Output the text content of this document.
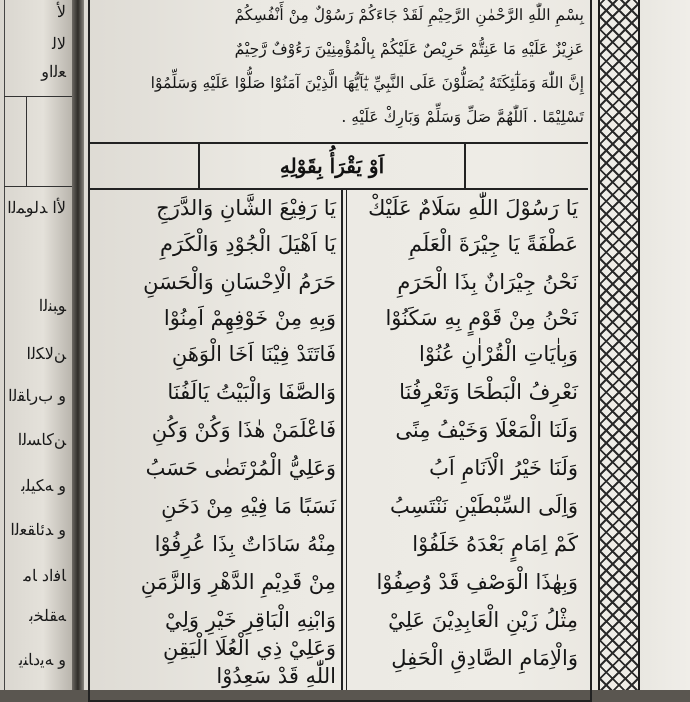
ﻷ
ﻻﻟ
ﻌﻟﺍﻭ
ﻷﺍ ﺪﻟﻮﻤﻟﺍ
ﻮﺒﻨﻟﺍ
ﻦﻟﺎﻜﻟﺍ
ﻭ ﺏﺭﺎﻘﻟﺍ
ﻦﻛﺎﺴﻟﺍ
ﻭ ﻪﻜﻴﻠﺑ
ﻭ ﺪﺋﺎﻘﻌﻟﺍ
ﺎﻓﺍﺩ ﺎﻣ
ﻪﻘﻠﺨﺑ
ﻭ ﻪﻳﺩﺎﻨﻳ
ﺑِﺴْﻢِ ﺍﻟﻠّٰﻪِ ﺍﻟﺮَّﺣْﻤٰﻦِ ﺍﻟﺮَّﺣِﻴْﻢِ ﻟَﻘَﺪْ ﺟَﺎﺀَﻛُﻢْ ﺭَﺳُﻮْﻝٌ ﻣِﻦْ ﺃَﻧْﻔُﺴِﻜُﻢْ
ﻋَﺰِﻳْﺰٌ ﻋَﻠَﻴْﻪِ ﻣَﺎ ﻋَﻨِﺘُّﻢْ ﺣَﺮِﻳْﺺٌ ﻋَﻠَﻴْﻜُﻢْ ﺑِﺎﻟْﻤُﺆْﻣِﻨِﻴْﻦَ ﺭَﺀُﻭْﻑٌ ﺭَّﺣِﻴْﻢٌ
ﺇِﻥَّ ﺍﻟﻠّٰﻪَ ﻭَﻣَﻠٰٓﺌِﻜَﺘَﻪُ ﻳُﺼَﻠُّﻮْﻥَ ﻋَﻠَﻰ ﺍﻟﻨَّﺒِﻲِّ ﻳٰٓﺎَﻳُّﻬَﺎ ﺍﻟَّﺬِﻳْﻦَ ﺁﻣَﻨُﻮْﺍ ﺻَﻠُّﻮْﺍ ﻋَﻠَﻴْﻪِ ﻭَﺳَﻠِّﻤُﻮْﺍ
ﺗَﺴْﻠِﻴْﻤًﺎ . ﺍَﻟﻠّٰﻬُﻢَّ ﺻَﻞِّ ﻭَﺳَﻠِّﻢْ ﻭَﺑَﺎﺭِﻙْ ﻋَﻠَﻴْﻪِ .
ﺍَﻭْ ﻳَﻘْﺮَﺃُ ﺑِﻘَﻮْﻟِﻪِ
ﻳَﺎ ﺭَﺳُﻮْﻝَ ﺍﻟﻠّٰﻪِ ﺳَﻠَﺎﻡٌ ﻋَﻠَﻴْﻚْ
ﻋَﻄْﻔَﺔً ﻳَﺎ ﺟِﻴْﺮَﺓَ ﺍﻟْﻌَﻠَﻢِ
ﻧَﺤْﻦُ ﺟِﻴْﺮَﺍﻥٌ ﺑِﺬَﺍ ﺍﻟْﺤَﺮَﻡِ
ﻧَﺤْﻦُ ﻣِﻦْ ﻗَﻮْﻡٍ ﺑِﻪِ ﺳَﻜَﻨُﻮْﺍ
ﻭَﺑِﺎٰﻳَﺎﺕِ ﺍﻟْﻘُﺮْﺍٰﻥِ ﻋُﻨُﻮْﺍ
ﻧَﻌْﺮِﻑُ ﺍﻟْﺒَﻄْﺤَﺎ ﻭَﺗَﻌْﺮِﻓُﻨَﺎ
ﻭَﻟَﻨَﺎ ﺍﻟْﻤَﻌْﻠَﺎ ﻭَﺧَﻴْﻒُ ﻣِﻨًﻰ
ﻭَﻟَﻨَﺎ ﺧَﻴْﺮُ ﺍﻟْﺎَﻧَﺎﻡِ ﺍَﺏُ
ﻭَﺍِﻟَﻰ ﺍﻟﺴِّﺒْﻄَﻴْﻦِ ﻧَﻨْﺘَﺴِﺐُ
ﻛَﻢْ ﺍِﻣَﺎﻡٍ ﺑَﻌْﺪَﻩُ ﺧَﻠَﻔُﻮْﺍ
ﻭَﺑِﻬٰﺬَﺍ ﺍﻟْﻮَﺻْﻒِ ﻗَﺪْ ﻭُﺻِﻔُﻮْﺍ
ﻣِﺜْﻞُ ﺯَﻳْﻦِ ﺍﻟْﻌَﺎﺑِﺪِﻳْﻦَ ﻋَﻠِﻲْ
ﻭَﺍﻟْﺎِﻣَﺎﻡِ ﺍﻟﺼَّﺎﺩِﻕِ ﺍﻟْﺤَﻔِﻞِ
ﻳَﺎ ﺭَﻓِﻴْﻊَ ﺍﻟﺸَّﺎﻥِ ﻭَﺍﻟﺪَّﺭَﺝِ
ﻳَﺎ ﺍَﻫْﻴَﻞَ ﺍﻟْﺠُﻮْﺩِ ﻭَﺍﻟْﻜَﺮَﻡِ
ﺣَﺮَﻡُ ﺍﻟْﺎِﺣْﺴَﺎﻥِ ﻭَﺍﻟْﺤَﺴَﻦِ
ﻭَﺑِﻪِ ﻣِﻦْ ﺧَﻮْﻓِﻬِﻢْ ﺍَﻣِﻨُﻮْﺍ
ﻓَﺎﺗَﺘَﺪْ ﻓِﻴْﻨَﺎ ﺍَﺧَﺎ ﺍﻟْﻮَﻫَﻦِ
ﻭَﺍﻟﺼَّﻔَﺎ ﻭَﺍﻟْﺒَﻴْﺖُ ﻳَﺎﻟَﻔُﻨَﺎ
ﻓَﺎﻋْﻠَﻤَﻦْ ﻫٰﺬَﺍ ﻭَﻛُﻦْ ﻭَﻛُﻦِ
ﻭَﻋَﻠِﻲُّ ﺍﻟْﻤُﺮْﺗَﻀٰﻰ ﺣَﺴَﺐُ
ﻧَﺴَﺒًﺎ ﻣَﺎ ﻓِﻴْﻪِ ﻣِﻦْ ﺩَﺧَﻦِ
ﻣِﻨْﻪُ ﺳَﺎﺩَﺍﺕٌ ﺑِﺬَﺍ ﻋُﺮِﻓُﻮْﺍ
ﻣِﻦْ ﻗَﺪِﻳْﻢِ ﺍﻟﺪَّﻫْﺮِ ﻭَﺍﻟﺰَّﻣَﻦِ
ﻭَﺍﺑْﻨِﻪِ ﺍﻟْﺒَﺎﻗِﺮِ ﺧَﻴْﺮِ ﻭَﻟِﻲْ
ﻭَﻋَﻠِﻲْ ﺫِﻱ ﺍﻟْﻌُﻠَﺎ ﺍﻟْﻴَﻘِﻦِ
ﺍﻟﻠّٰﻪِ ﻗَﺪْ ﺳَﻌِﺪُﻭْﺍ
